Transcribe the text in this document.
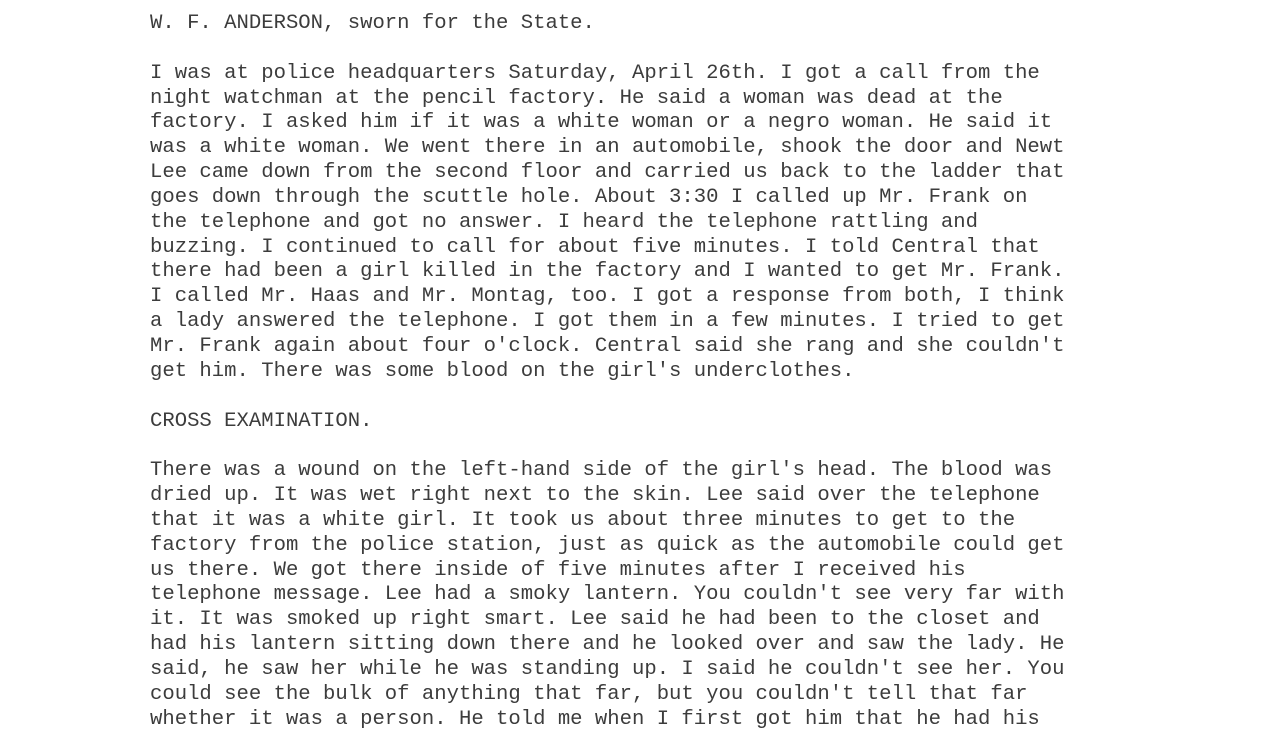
W. F. ANDERSON, sworn for the State.
I was at police headquarters Saturday, April 26th. I got a call from the
night watchman at the pencil factory. He said a woman was dead at the
factory. I asked him if it was a white woman or a negro woman. He said it
was a white woman. We went there in an automobile, shook the door and Newt
Lee came down from the second floor and carried us back to the ladder that
goes down through the scuttle hole. About 3:30 I called up Mr. Frank on
the telephone and got no answer. I heard the telephone rattling and
buzzing. I continued to call for about five minutes. I told Central that
there had been a girl killed in the factory and I wanted to get Mr. Frank.
I called Mr. Haas and Mr. Montag, too. I got a response from both, I think
a lady answered the telephone. I got them in a few minutes. I tried to get
Mr. Frank again about four o'clock. Central said she rang and she couldn't
get him. There was some blood on the girl's underclothes.
CROSS EXAMINATION.
There was a wound on the left-hand side of the girl's head. The blood was
dried up. It was wet right next to the skin. Lee said over the telephone
that it was a white girl. It took us about three minutes to get to the
factory from the police station, just as quick as the automobile could get
us there. We got there inside of five minutes after I received his
telephone message. Lee had a smoky lantern. You couldn't see very far with
it. It was smoked up right smart. Lee said he had been to the closet and
had his lantern sitting down there and he looked over and saw the lady. He
said, he saw her while he was standing up. I said he couldn't see her. You
could see the bulk of anything that far, but you couldn't tell that far
whether it was a person. He told me when I first got him that he had his
